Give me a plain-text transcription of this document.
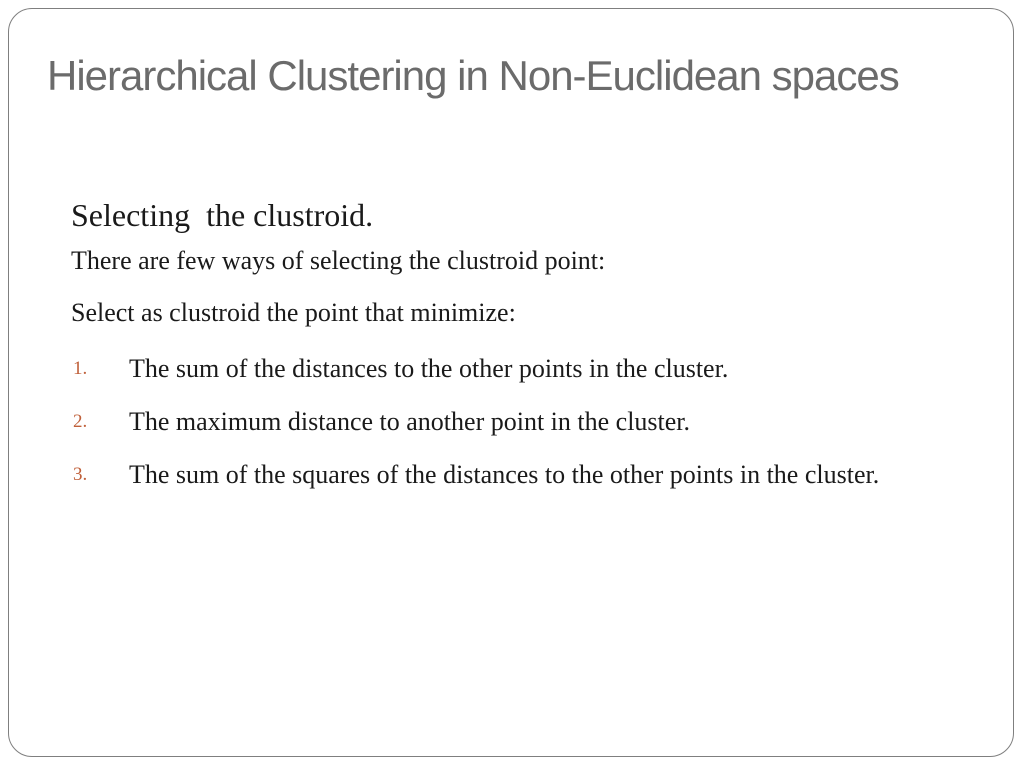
Hierarchical Clustering in Non-Euclidean spaces
Selecting  the clustroid.
There are few ways of selecting the clustroid point:
Select as clustroid the point that minimize:
1. The sum of the distances to the other points in the cluster.
2. The maximum distance to another point in the cluster.
3. The sum of the squares of the distances to the other points in the cluster.
